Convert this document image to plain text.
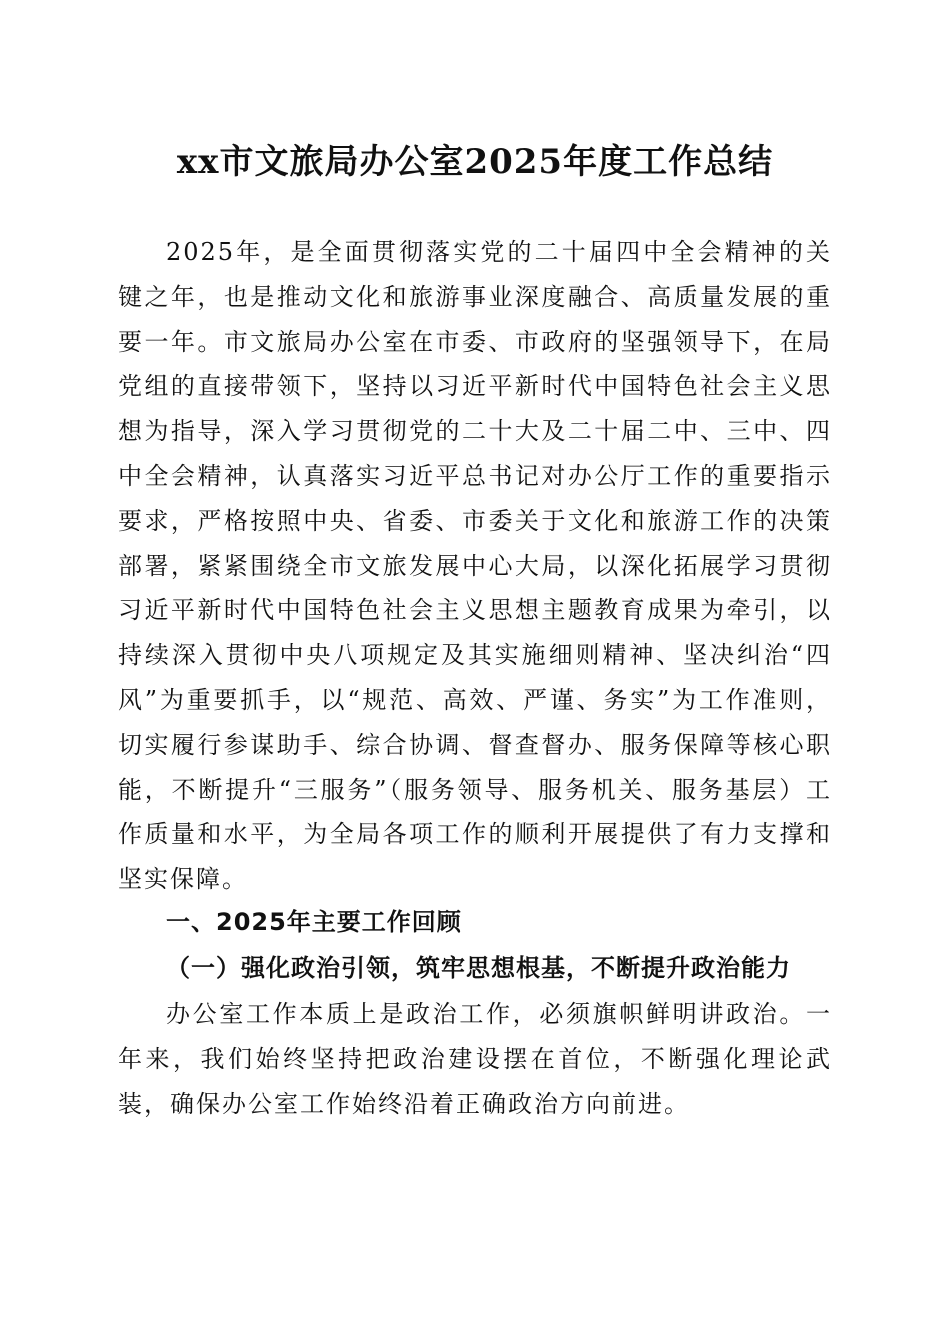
xx市文旅局办公室2025年度工作总结

2025年，是全面贯彻落实党的二十届四中全会精神的关键之年，也是推动文化和旅游事业深度融合、高质量发展的重要一年。市文旅局办公室在市委、市政府的坚强领导下，在局党组的直接带领下，坚持以习近平新时代中国特色社会主义思想为指导，深入学习贯彻党的二十大及二十届二中、三中、四中全会精神，认真落实习近平总书记对办公厅工作的重要指示要求，严格按照中央、省委、市委关于文化和旅游工作的决策部署，紧紧围绕全市文旅发展中心大局，以深化拓展学习贯彻习近平新时代中国特色社会主义思想主题教育成果为牵引，以持续深入贯彻中央八项规定及其实施细则精神、坚决纠治“四风”为重要抓手，以“规范、高效、严谨、务实”为工作准则，切实履行参谋助手、综合协调、督查督办、服务保障等核心职能，不断提升“三服务”（服务领导、服务机关、服务基层）工作质量和水平，为全局各项工作的顺利开展提供了有力支撑和坚实保障。

一、2025年主要工作回顾
（一）强化政治引领，筑牢思想根基，不断提升政治能力

办公室工作本质上是政治工作，必须旗帜鲜明讲政治。一年来，我们始终坚持把政治建设摆在首位，不断强化理论武装，确保办公室工作始终沿着正确政治方向前进。
